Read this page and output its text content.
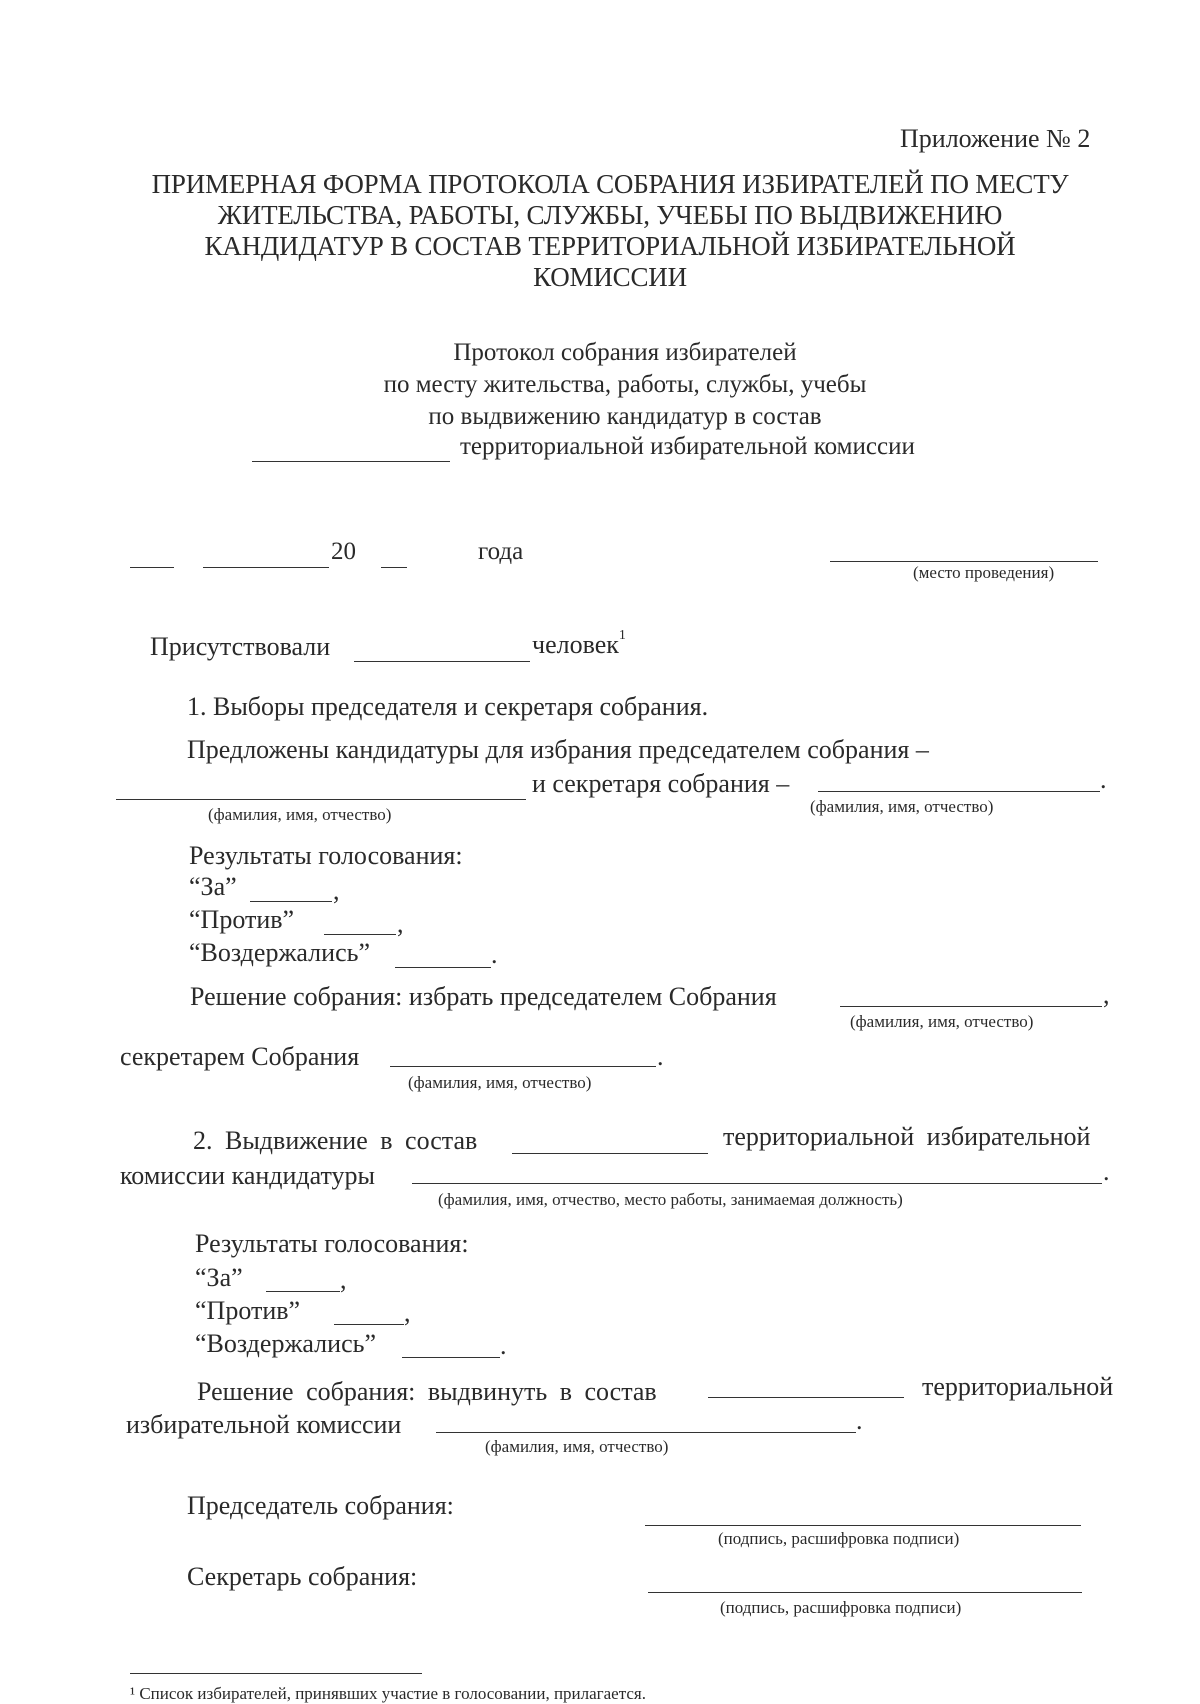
Приложение № 2
ПРИМЕРНАЯ ФОРМА ПРОТОКОЛА СОБРАНИЯ ИЗБИРАТЕЛЕЙ ПО МЕСТУ
ЖИТЕЛЬСТВА, РАБОТЫ, СЛУЖБЫ, УЧЕБЫ ПО ВЫДВИЖЕНИЮ
КАНДИДАТУР В СОСТАВ ТЕРРИТОРИАЛЬНОЙ ИЗБИРАТЕЛЬНОЙ
КОМИССИИ
Протокол собрания избирателей
по месту жительства, работы, службы, учебы
по выдвижению кандидатур в состав
территориальной избирательной комиссии
20	года
(место проведения)
Присутствовали	человек$^1$
1. Выборы председателя и секретаря собрания.
Предложены кандидатуры для избрания председателем собрания –
и секретаря собрания –	.
(фамилия, имя, отчество)	(фамилия, имя, отчество)
Результаты голосования:
“За”	,
“Против”	,
“Воздержались”	.
Решение собрания: избрать председателем Собрания	,
(фамилия, имя, отчество)
секретарем Собрания	.
(фамилия, имя, отчество)
2. Выдвижение в состав	территориальной избирательной
комиссии кандидатуры	.
(фамилия, имя, отчество, место работы, занимаемая должность)
Результаты голосования:
“За”	,
“Против”	,
“Воздержались”	.
Решение собрания: выдвинуть в состав	территориальной
избирательной комиссии	.
(фамилия, имя, отчество)
Председатель собрания:
(подпись, расшифровка подписи)
Секретарь собрания:
(подпись, расшифровка подписи)
¹ Список избирателей, принявших участие в голосовании, прилагается.
